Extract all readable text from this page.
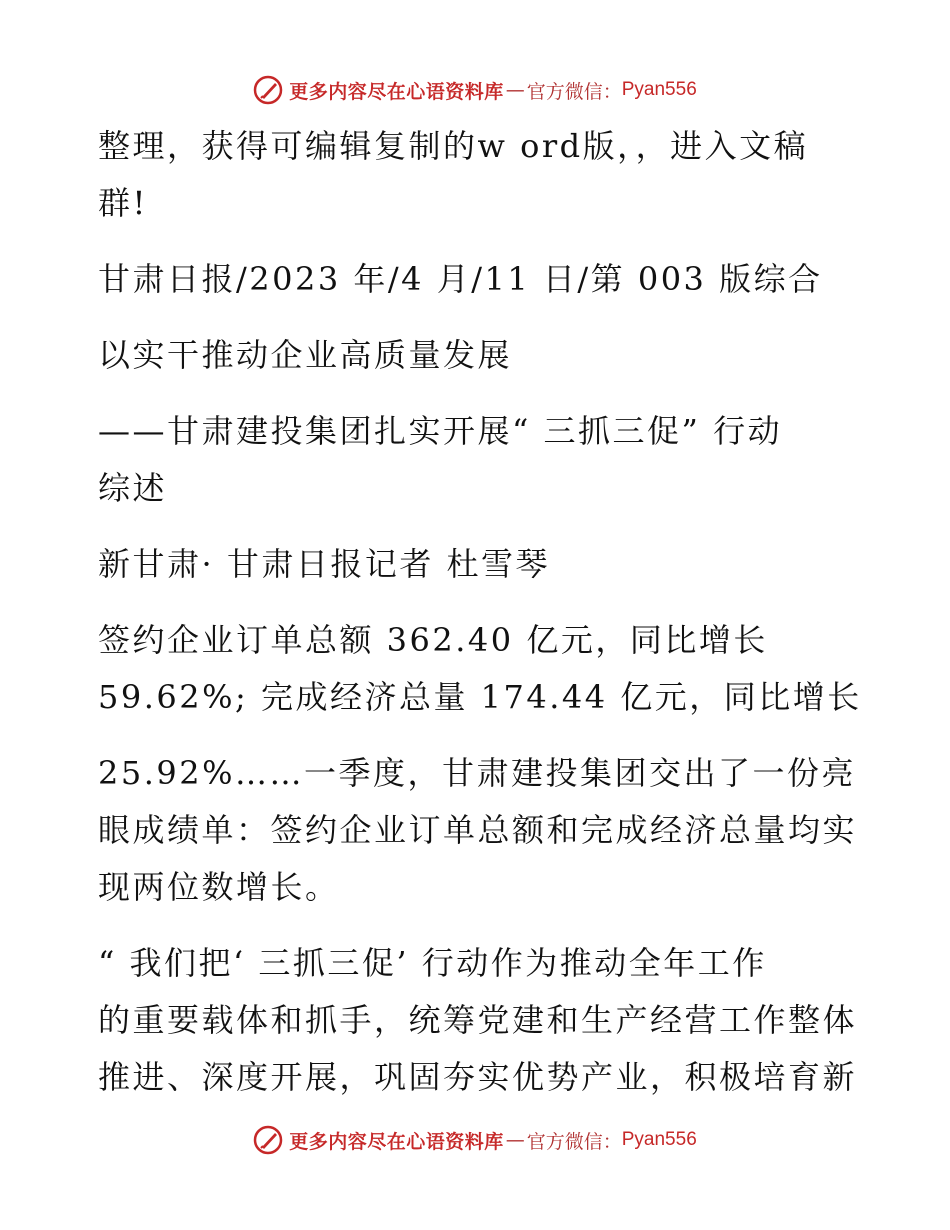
更多内容尽在心语资料库 — 官方微信： Pyan556
整理，获得可编辑复制的w ord版，，进入文稿
群!
甘肃日报/2023 年/4 月/11 日/第 003 版综合
以实干推动企业高质量发展
——甘肃建投集团扎实开展“ 三抓三促” 行动
综述
新甘肃· 甘肃日报记者 杜雪琴
签约企业订单总额 362.40 亿元，同比增长
59.62%; 完成经济总量 174.44 亿元，同比增长
25.92%……一季度，甘肃建投集团交出了一份亮
眼成绩单：签约企业订单总额和完成经济总量均实
现两位数增长。
“ 我们把‘ 三抓三促’ 行动作为推动全年工作
的重要载体和抓手，统筹党建和生产经营工作整体
推进、深度开展，巩固夯实优势产业，积极培育新
更多内容尽在心语资料库 — 官方微信： Pyan556
